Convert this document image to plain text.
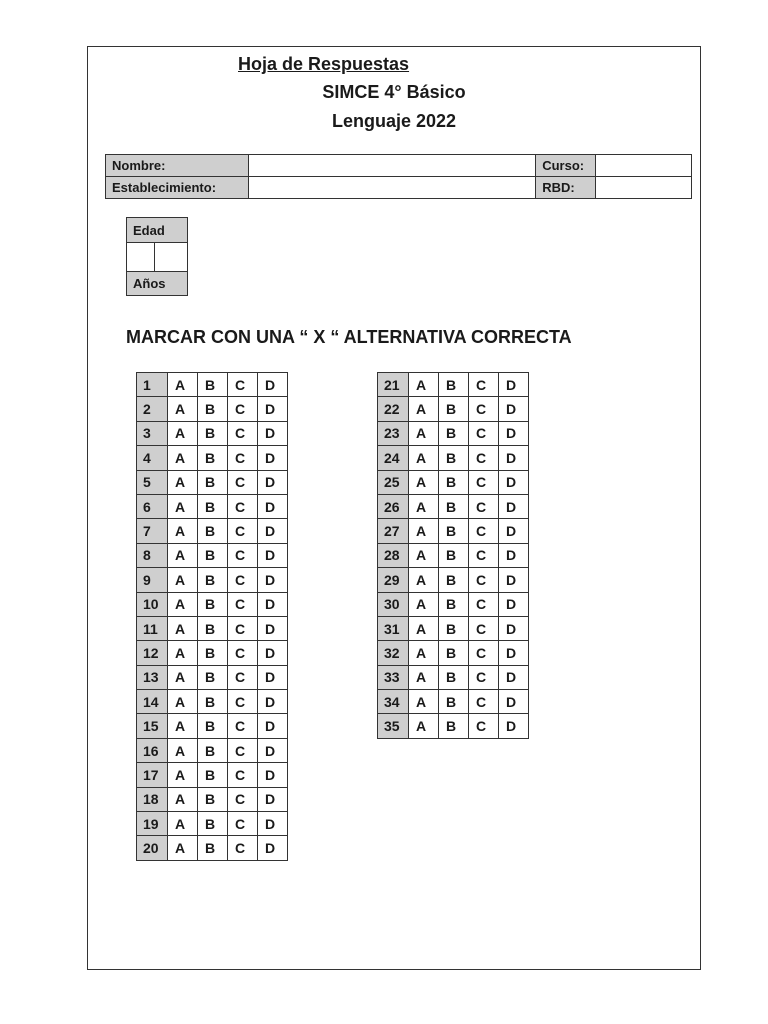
Hoja de Respuestas
SIMCE 4° Básico
Lenguaje 2022
Nombre:		Curso:	
Establecimiento:		RBD:	
Edad

Años
MARCAR CON UNA “ X “ ALTERNATIVA CORRECTA
1	A	B	C	D
2	A	B	C	D
3	A	B	C	D
4	A	B	C	D
5	A	B	C	D
6	A	B	C	D
7	A	B	C	D
8	A	B	C	D
9	A	B	C	D
10	A	B	C	D
11	A	B	C	D
12	A	B	C	D
13	A	B	C	D
14	A	B	C	D
15	A	B	C	D
16	A	B	C	D
17	A	B	C	D
18	A	B	C	D
19	A	B	C	D
20	A	B	C	D
21	A	B	C	D
22	A	B	C	D
23	A	B	C	D
24	A	B	C	D
25	A	B	C	D
26	A	B	C	D
27	A	B	C	D
28	A	B	C	D
29	A	B	C	D
30	A	B	C	D
31	A	B	C	D
32	A	B	C	D
33	A	B	C	D
34	A	B	C	D
35	A	B	C	D
